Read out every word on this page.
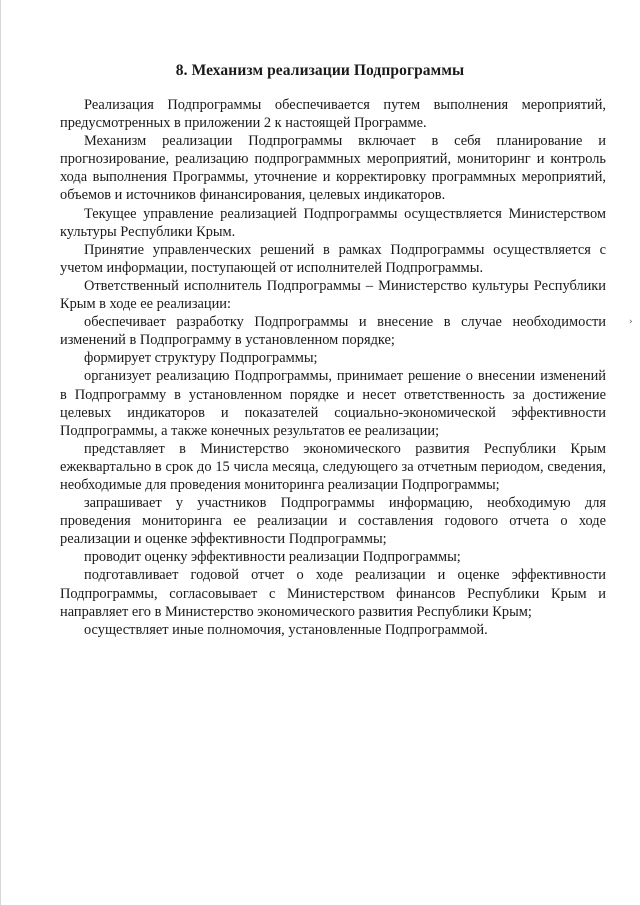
8. Механизм реализации Подпрограммы

Реализация Подпрограммы обеспечивается путем выполнения мероприятий, предусмотренных в приложении 2 к настоящей Программе.

Механизм реализации Подпрограммы включает в себя планирование и прогнозирование, реализацию подпрограммных мероприятий, мониторинг и контроль хода выполнения Программы, уточнение и корректировку программных мероприятий, объемов и источников финансирования, целевых индикаторов.

Текущее управление реализацией Подпрограммы осуществляется Министерством культуры Республики Крым.

Принятие управленческих решений в рамках Подпрограммы осуществляется с учетом информации, поступающей от исполнителей Подпрограммы.

Ответственный исполнитель Подпрограммы – Министерство культуры Республики Крым в ходе ее реализации:

обеспечивает разработку Подпрограммы и внесение в случае необходимости изменений в Подпрограмму в установленном порядке;

формирует структуру Подпрограммы;

организует реализацию Подпрограммы, принимает решение о внесении изменений в Подпрограмму в установленном порядке и несет ответственность за достижение целевых индикаторов и показателей социально-экономической эффективности Подпрограммы, а также конечных результатов ее реализации;

представляет в Министерство экономического развития Республики Крым ежеквартально в срок до 15 числа месяца, следующего за отчетным периодом, сведения, необходимые для проведения мониторинга реализации Подпрограммы;

запрашивает у участников Подпрограммы информацию, необходимую для проведения мониторинга ее реализации и составления годового отчета о ходе реализации и оценке эффективности Подпрограммы;

проводит оценку эффективности реализации Подпрограммы;

подготавливает годовой отчет о ходе реализации и оценке эффективности Подпрограммы, согласовывает с Министерством финансов Республики Крым и направляет его в Министерство экономического развития Республики Крым;

осуществляет иные полномочия, установленные Подпрограммой.

›
